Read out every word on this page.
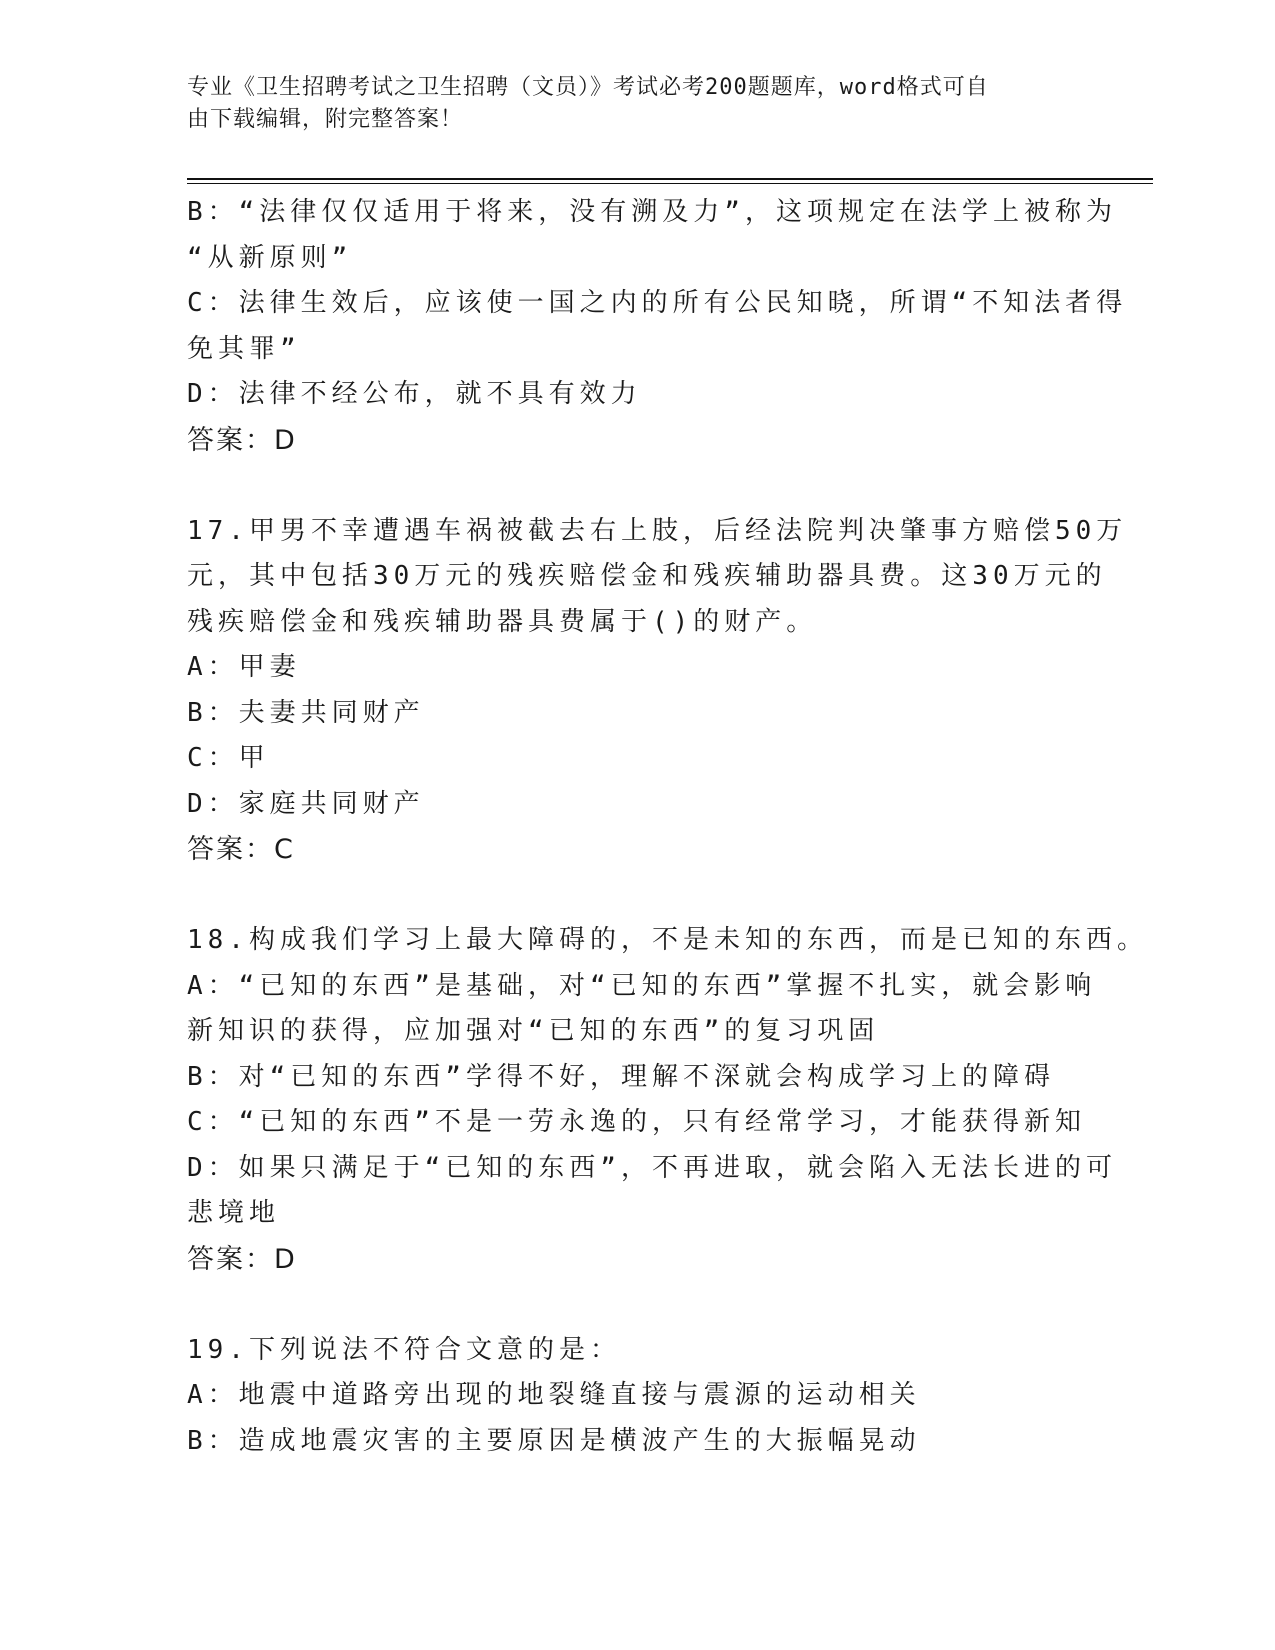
专业《卫生招聘考试之卫生招聘（文员）》考试必考200题题库，word格式可自
由下载编辑，附完整答案！
B：“法律仅仅适用于将来，没有溯及力”，这项规定在法学上被称为
“从新原则”
C：法律生效后，应该使一国之内的所有公民知晓，所谓“不知法者得
免其罪”
D：法律不经公布，就不具有效力
答案：D
17.甲男不幸遭遇车祸被截去右上肢，后经法院判决肇事方赔偿50万
元，其中包括30万元的残疾赔偿金和残疾辅助器具费。这30万元的
残疾赔偿金和残疾辅助器具费属于()的财产。
A：甲妻
B：夫妻共同财产
C：甲
D：家庭共同财产
答案：C
18.构成我们学习上最大障碍的，不是未知的东西，而是已知的东西。
A：“已知的东西”是基础，对“已知的东西”掌握不扎实，就会影响
新知识的获得，应加强对“已知的东西”的复习巩固
B：对“已知的东西”学得不好，理解不深就会构成学习上的障碍
C：“已知的东西”不是一劳永逸的，只有经常学习，才能获得新知
D：如果只满足于“已知的东西”，不再进取，就会陷入无法长进的可
悲境地
答案：D
19.下列说法不符合文意的是：
A：地震中道路旁出现的地裂缝直接与震源的运动相关
B：造成地震灾害的主要原因是横波产生的大振幅晃动
